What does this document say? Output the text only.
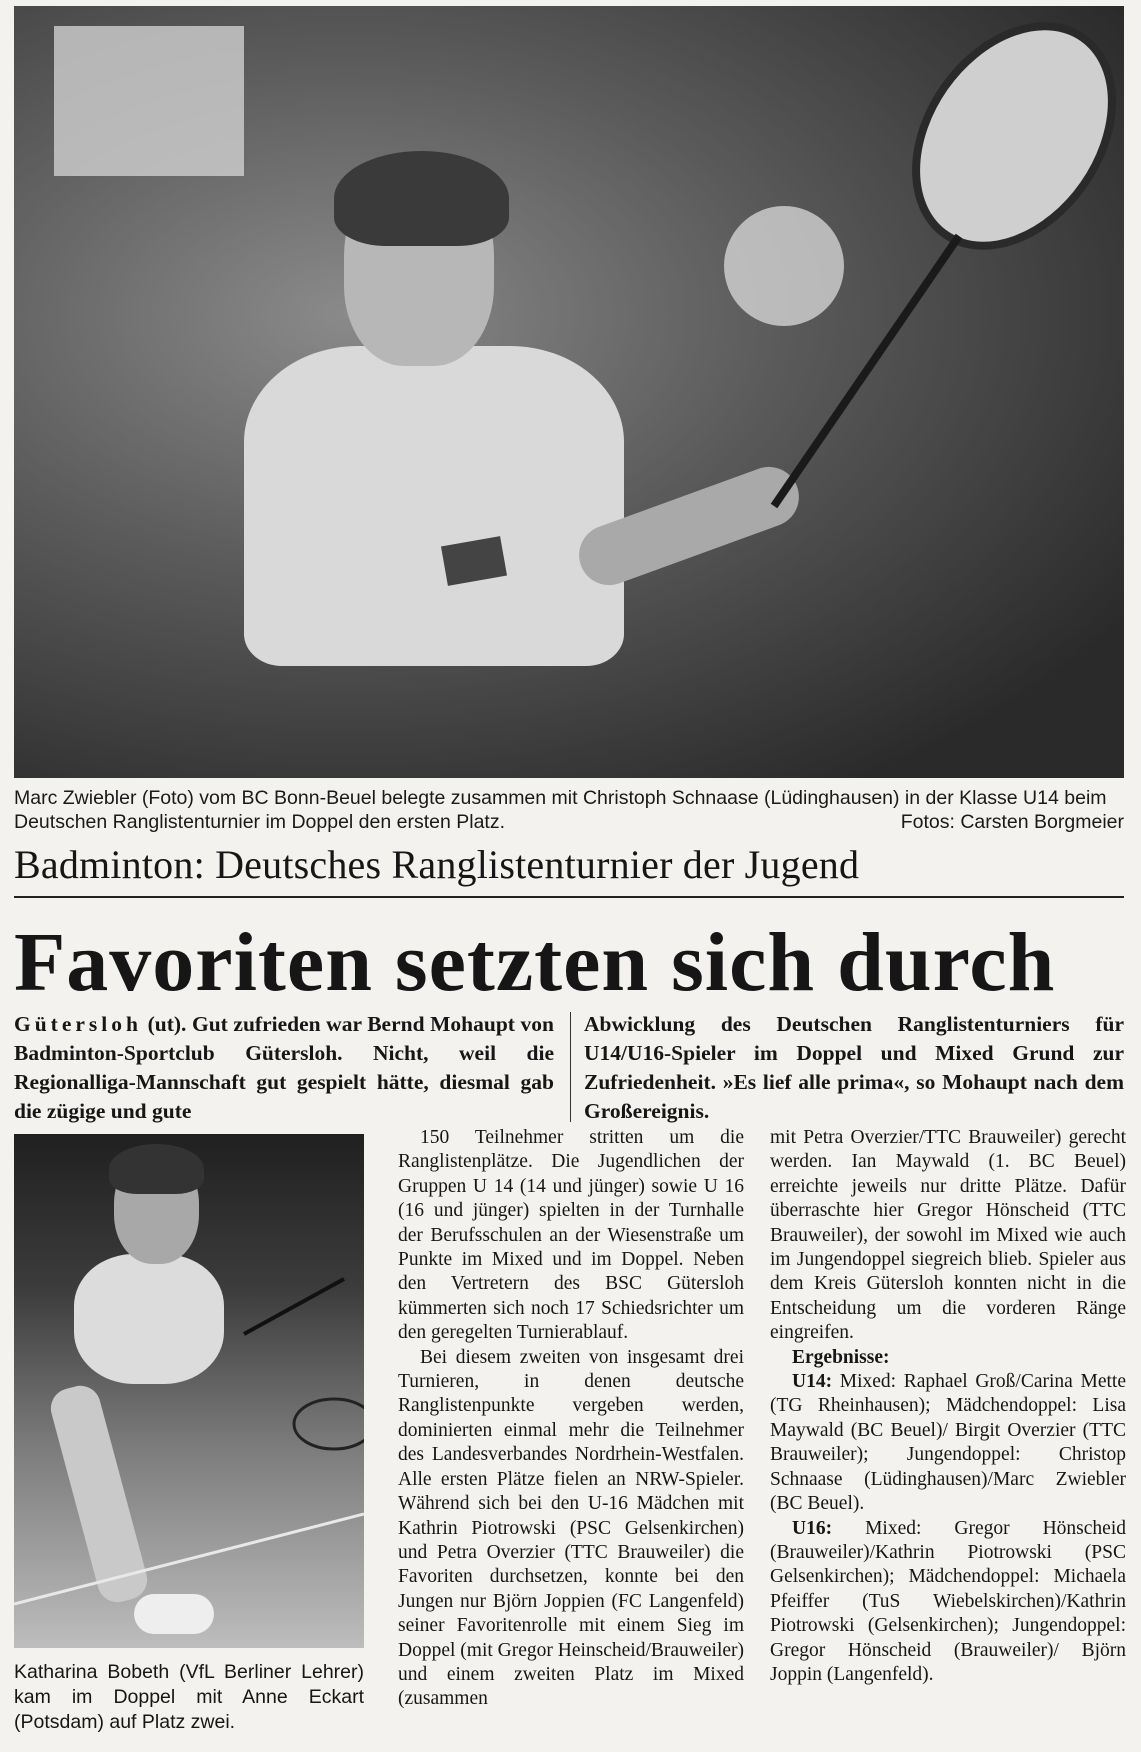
Marc Zwiebler (Foto) vom BC Bonn-Beuel belegte zusammen mit Christoph Schnaase (Lüdinghausen) in der Klasse U14 beim Deutschen Ranglistenturnier im Doppel den ersten Platz.	Fotos: Carsten Borgmeier
Badminton: Deutsches Ranglistenturnier der Jugend
Favoriten setzten sich durch
Gütersloh (ut). Gut zufrieden war Bernd Mohaupt von Badminton-Sportclub Gütersloh. Nicht, weil die Regionalliga-Mannschaft gut gespielt hätte, diesmal gab die zügige und gute
Abwicklung des Deutschen Ranglistenturniers für U14/U16-Spieler im Doppel und Mixed Grund zur Zufriedenheit. »Es lief alle prima«, so Mohaupt nach dem Großereignis.
Katharina Bobeth (VfL Berliner Lehrer) kam im Doppel mit Anne Eckart (Potsdam) auf Platz zwei.

150 Teilnehmer stritten um die Ranglistenplätze. Die Jugendlichen der Gruppen U 14 (14 und jünger) sowie U 16 (16 und jünger) spielten in der Turnhalle der Berufsschulen an der Wiesenstraße um Punkte im Mixed und im Doppel. Neben den Vertretern des BSC Gütersloh kümmerten sich noch 17 Schiedsrichter um den geregelten Turnierablauf.

Bei diesem zweiten von insgesamt drei Turnieren, in denen deutsche Ranglistenpunkte vergeben werden, dominierten einmal mehr die Teilnehmer des Landesverbandes Nordrhein-Westfalen. Alle ersten Plätze fielen an NRW-Spieler. Während sich bei den U-16 Mädchen mit Kathrin Piotrowski (PSC Gelsenkirchen) und Petra Overzier (TTC Brauweiler) die Favoriten durchsetzen, konnte bei den Jungen nur Björn Joppien (FC Langenfeld) seiner Favoritenrolle mit einem Sieg im Doppel (mit Gregor Heinscheid/Brauweiler) und einem zweiten Platz im Mixed (zusammen

mit Petra Overzier/TTC Brauweiler) gerecht werden. Ian Maywald (1. BC Beuel) erreichte jeweils nur dritte Plätze. Dafür überraschte hier Gregor Hönscheid (TTC Brauweiler), der sowohl im Mixed wie auch im Jungendoppel siegreich blieb. Spieler aus dem Kreis Gütersloh konnten nicht in die Entscheidung um die vorderen Ränge eingreifen.

Ergebnisse:

U14: Mixed: Raphael Groß/Carina Mette (TG Rheinhausen); Mädchendoppel: Lisa Maywald (BC Beuel)/ Birgit Overzier (TTC Brauweiler); Jungendoppel: Christop Schnaase (Lüdinghausen)/Marc Zwiebler (BC Beuel).

U16: Mixed: Gregor Hönscheid (Brauweiler)/Kathrin Piotrowski (PSC Gelsenkirchen); Mädchendoppel: Michaela Pfeiffer (TuS Wiebelskirchen)/Kathrin Piotrowski (Gelsenkirchen); Jungendoppel: Gregor Hönscheid (Brauweiler)/ Björn Joppin (Langenfeld).
